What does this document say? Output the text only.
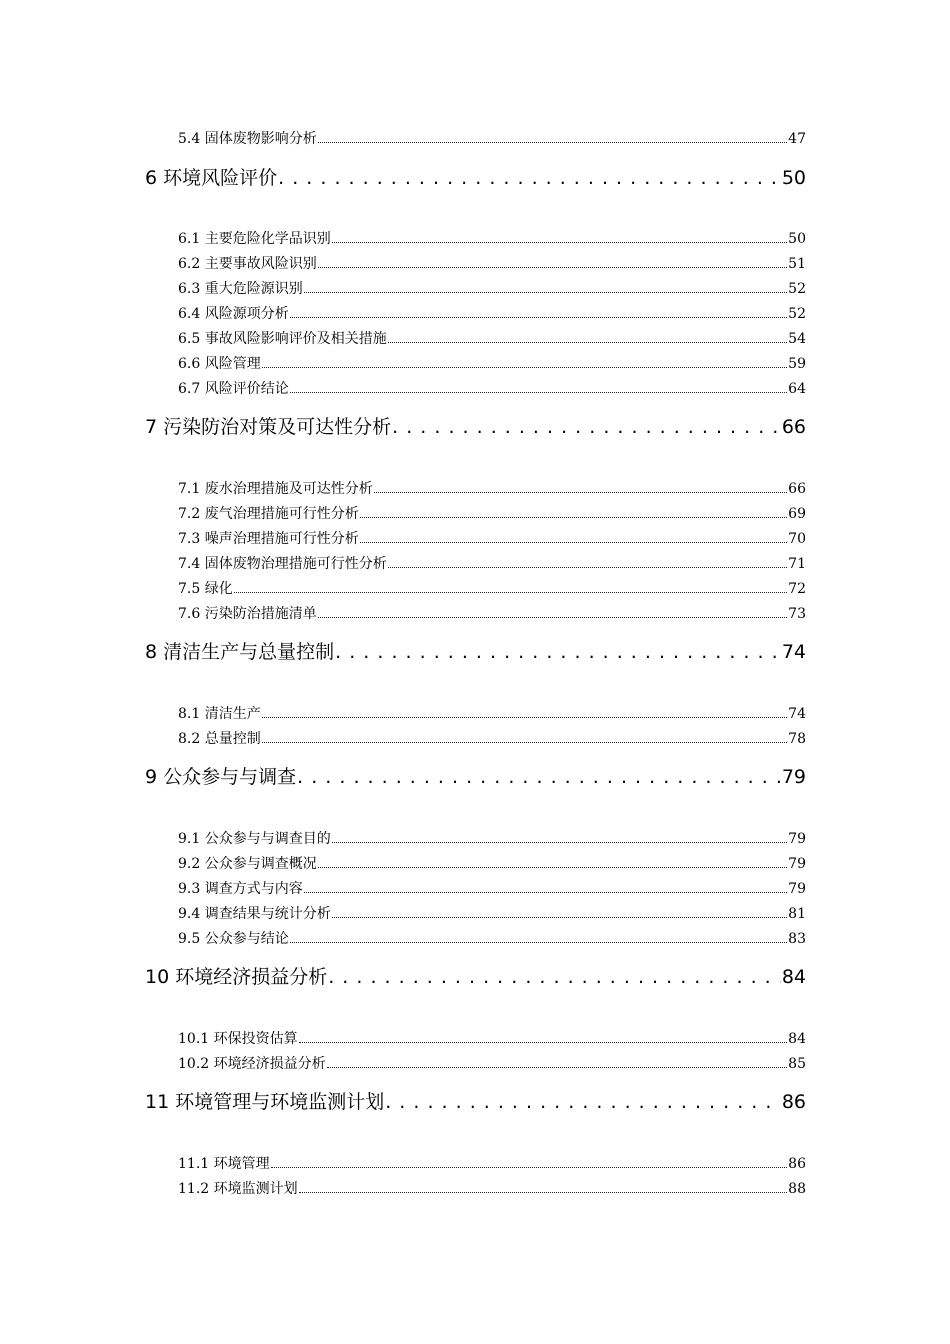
5.4 固体废物影响分析	47
6 环境风险评价 . . .	50
6.1 主要危险化学品识别	50
6.2 主要事故风险识别	51
6.3 重大危险源识别	52
6.4 风险源项分析	52
6.5 事故风险影响评价及相关措施	54
6.6 风险管理	59
6.7 风险评价结论	64
7 污染防治对策及可达性分析 . . .	66
7.1 废水治理措施及可达性分析	66
7.2 废气治理措施可行性分析	69
7.3 噪声治理措施可行性分析	70
7.4 固体废物治理措施可行性分析	71
7.5 绿化	72
7.6 污染防治措施清单	73
8 清洁生产与总量控制 . . .	74
8.1 清洁生产	74
8.2 总量控制	78
9 公众参与与调查 . . .	79
9.1 公众参与与调查目的	79
9.2 公众参与调查概况	79
9.3 调查方式与内容	79
9.4 调查结果与统计分析	81
9.5 公众参与结论	83
10 环境经济损益分析 . . .	84
10.1 环保投资估算	84
10.2 环境经济损益分析	85
11 环境管理与环境监测计划 . . .	86
11.1 环境管理	86
11.2 环境监测计划	88
